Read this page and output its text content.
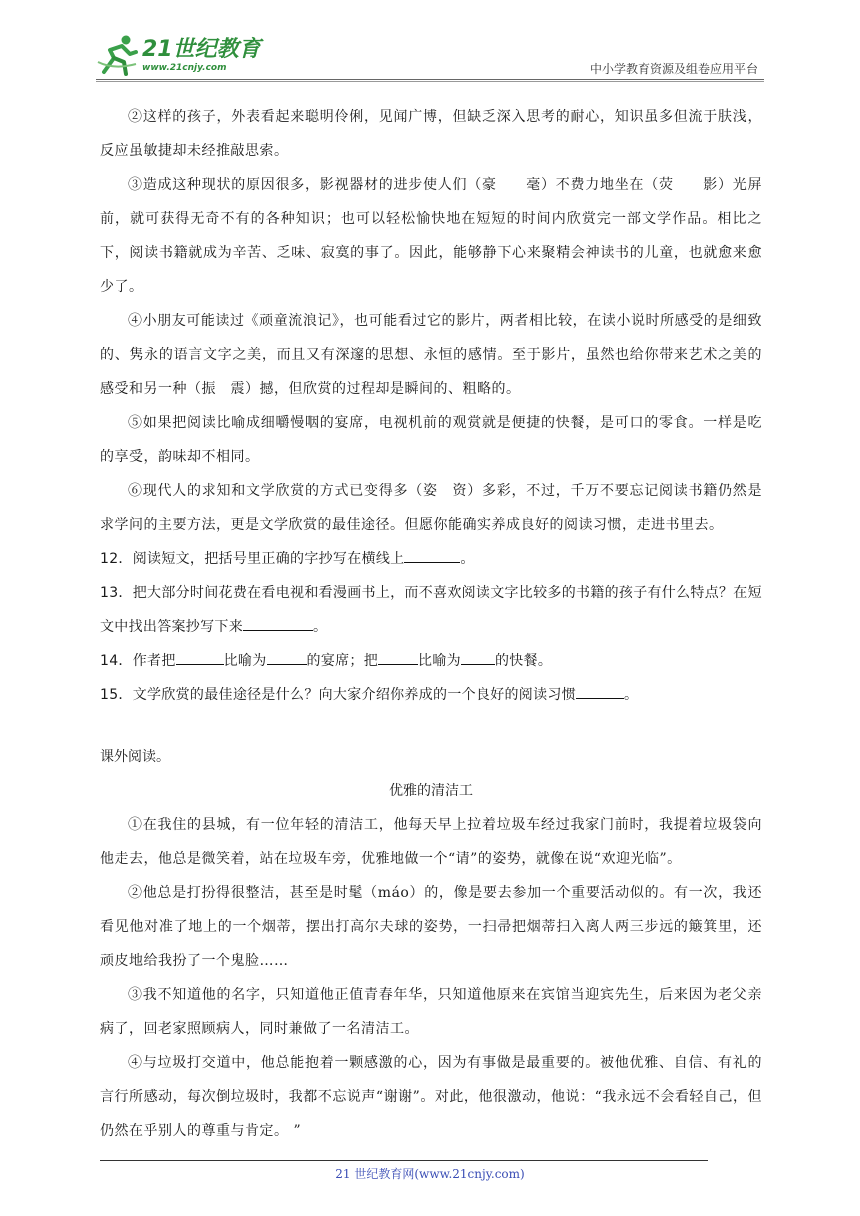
21世纪教育
www.21cnjy.com	中小学教育资源及组卷应用平台

②这样的孩子，外表看起来聪明伶俐，见闻广博，但缺乏深入思考的耐心，知识虽多但流于肤浅，反应虽敏捷却未经推敲思索。

③造成这种现状的原因很多，影视器材的进步使人们（豪　　毫）不费力地坐在（荧　　影）光屏前，就可获得无奇不有的各种知识；也可以轻松愉快地在短短的时间内欣赏完一部文学作品。相比之下，阅读书籍就成为辛苦、乏味、寂寞的事了。因此，能够静下心来聚精会神读书的儿童，也就愈来愈少了。

④小朋友可能读过《顽童流浪记》，也可能看过它的影片，两者相比较，在读小说时所感受的是细致的、隽永的语言文字之美，而且又有深邃的思想、永恒的感情。至于影片，虽然也给你带来艺术之美的感受和另一种（振　震）撼，但欣赏的过程却是瞬间的、粗略的。

⑤如果把阅读比喻成细嚼慢咽的宴席，电视机前的观赏就是便捷的快餐，是可口的零食。一样是吃的享受，韵味却不相同。

⑥现代人的求知和文学欣赏的方式已变得多（姿　资）多彩，不过，千万不要忘记阅读书籍仍然是求学问的主要方法，更是文学欣赏的最佳途径。但愿你能确实养成良好的阅读习惯，走进书里去。

12．阅读短文，把括号里正确的字抄写在横线上	。

13．把大部分时间花费在看电视和看漫画书上，而不喜欢阅读文字比较多的书籍的孩子有什么特点？在短文中找出答案抄写下来	。

14．作者把	比喻为	的宴席；把	比喻为 的快餐。

15．文学欣赏的最佳途径是什么？向大家介绍你养成的一个良好的阅读习惯	。

课外阅读。

优雅的清洁工

①在我住的县城，有一位年轻的清洁工，他每天早上拉着垃圾车经过我家门前时，我提着垃圾袋向他走去，他总是微笑着，站在垃圾车旁，优雅地做一个“请”的姿势，就像在说“欢迎光临”。

②他总是打扮得很整洁，甚至是时髦（máo）的，像是要去参加一个重要活动似的。有一次，我还看见他对准了地上的一个烟蒂，摆出打高尔夫球的姿势，一扫帚把烟蒂扫入离人两三步远的簸箕里，还顽皮地给我扮了一个鬼脸……

③我不知道他的名字，只知道他正值青春年华，只知道他原来在宾馆当迎宾先生，后来因为老父亲病了，回老家照顾病人，同时兼做了一名清洁工。

④与垃圾打交道中，他总能抱着一颗感激的心，因为有事做是最重要的。被他优雅、自信、有礼的言行所感动，每次倒垃圾时，我都不忘说声“谢谢”。对此，他很激动，他说：“我永远不会看轻自己，但仍然在乎别人的尊重与肯定。 ”

21 世纪教育网(www.21cnjy.com)
